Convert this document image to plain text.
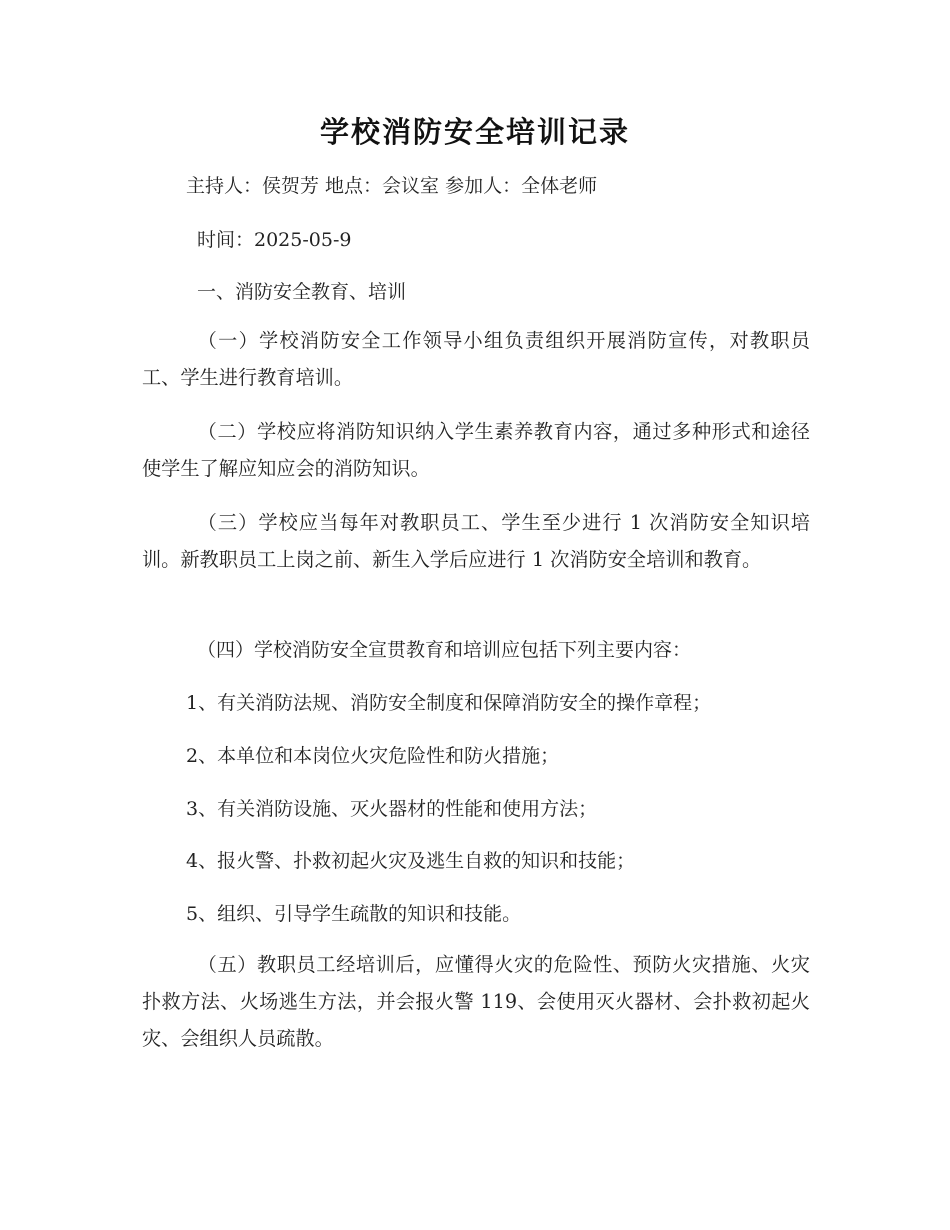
学校消防安全培训记录
主持人：侯贺芳 地点：会议室 参加人：全体老师
时间：2025-05-9
一、消防安全教育、培训
（一）学校消防安全工作领导小组负责组织开展消防宣传，对教职员工、学生进行教育培训。
（二）学校应将消防知识纳入学生素养教育内容，通过多种形式和途径使学生了解应知应会的消防知识。
（三）学校应当每年对教职员工、学生至少进行 1 次消防安全知识培训。新教职员工上岗之前、新生入学后应进行 1 次消防安全培训和教育。
（四）学校消防安全宣贯教育和培训应包括下列主要内容：
1、有关消防法规、消防安全制度和保障消防安全的操作章程；
2、本单位和本岗位火灾危险性和防火措施；
3、有关消防设施、灭火器材的性能和使用方法；
4、报火警、扑救初起火灾及逃生自救的知识和技能；
5、组织、引导学生疏散的知识和技能。
（五）教职员工经培训后，应懂得火灾的危险性、预防火灾措施、火灾扑救方法、火场逃生方法，并会报火警 119、会使用灭火器材、会扑救初起火灾、会组织人员疏散。
